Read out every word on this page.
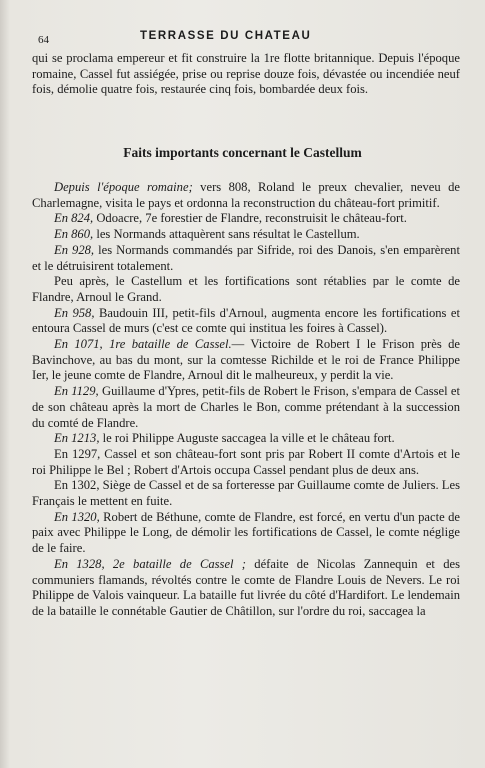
64	TERRASSE DU CHATEAU

qui se proclama empereur et fit construire la 1re flotte britannique. Depuis l'époque romaine, Cassel fut assiégée, prise ou reprise douze fois, dévastée ou incendiée neuf fois, démolie quatre fois, restaurée cinq fois, bombardée deux fois.

Faits importants concernant le Castellum

Depuis l'époque romaine; vers 808, Roland le preux chevalier, neveu de Charlemagne, visita le pays et ordonna la reconstruction du château-fort primitif.

En 824, Odoacre, 7e forestier de Flandre, reconstruisit le château-fort.

En 860, les Normands attaquèrent sans résultat le Castellum.

En 928, les Normands commandés par Sifride, roi des Danois, s'en emparèrent et le détruisirent totalement.

Peu après, le Castellum et les fortifications sont rétablies par le comte de Flandre, Arnoul le Grand.

En 958, Baudouin III, petit-fils d'Arnoul, augmenta encore les fortifications et entoura Cassel de murs (c'est ce comte qui institua les foires à Cassel).

En 1071, 1re bataille de Cassel.— Victoire de Robert I le Frison près de Bavinchove, au bas du mont, sur la comtesse Richilde et le roi de France Philippe Ier, le jeune comte de Flandre, Arnoul dit le malheureux, y perdit la vie.

En 1129, Guillaume d'Ypres, petit-fils de Robert le Frison, s'empara de Cassel et de son château après la mort de Charles le Bon, comme prétendant à la succession du comté de Flandre.

En 1213, le roi Philippe Auguste saccagea la ville et le château fort.

En 1297, Cassel et son château-fort sont pris par Robert II comte d'Artois et le roi Philippe le Bel ; Robert d'Artois occupa Cassel pendant plus de deux ans.

En 1302, Siège de Cassel et de sa forteresse par Guillaume comte de Juliers. Les Français le mettent en fuite.

En 1320, Robert de Béthune, comte de Flandre, est forcé, en vertu d'un pacte de paix avec Philippe le Long, de démolir les fortifications de Cassel, le comte néglige de le faire.

En 1328, 2e bataille de Cassel ; défaite de Nicolas Zannequin et des communiers flamands, révoltés contre le comte de Flandre Louis de Nevers. Le roi Philippe de Valois vainqueur. La bataille fut livrée du côté d'Hardifort. Le lendemain de la bataille le connétable Gautier de Châtillon, sur l'ordre du roi, saccagea la
